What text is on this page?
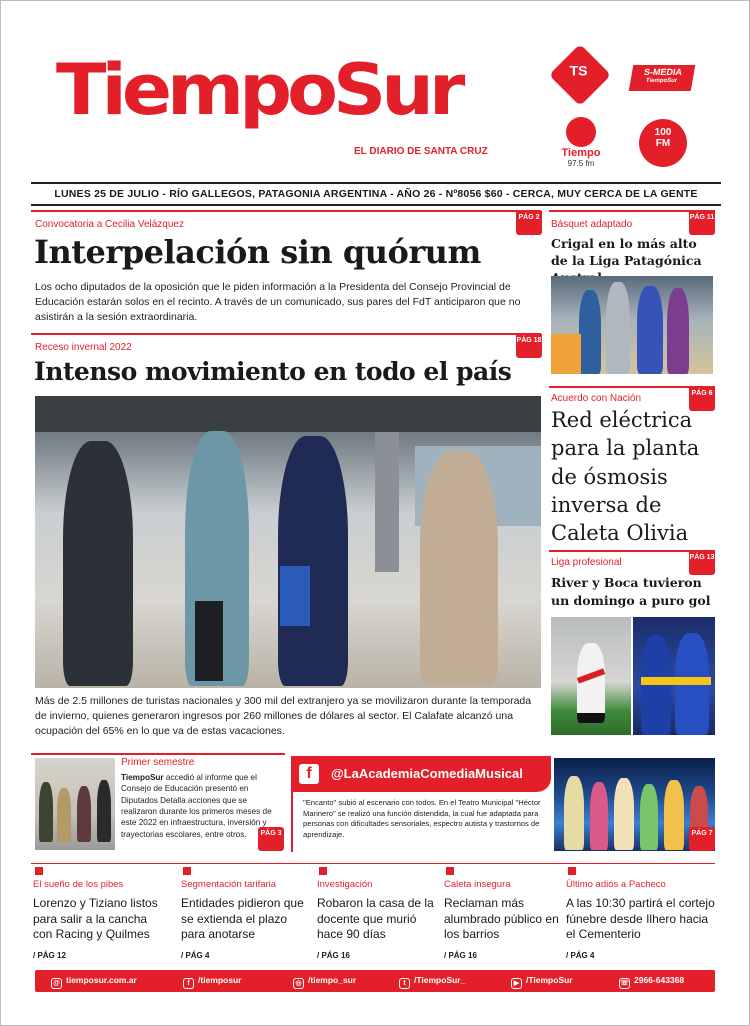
TiempoSur
EL DIARIO DE SANTA CRUZ
TS	S-MEDIA
TiempoSur
Tiempo
97.5 fm
100
FM
LUNES 25 DE JULIO - RÍO GALLEGOS, PATAGONIA ARGENTINA - AÑO 26 - Nº8056 $60 - CERCA, MUY CERCA DE LA GENTE
Convocatoria a Cecilia Velázquez
PÁG 2
Interpelación sin quórum
Los ocho diputados de la oposición que le piden información a la Presidenta del Consejo Provincial de Educación estarán solos en el recinto. A través de un comunicado, sus pares del FdT anticiparon que no asistirán a la sesión extraordinaria.
Receso invernal 2022
PÁG 18
Intenso movimiento en todo el país
Más de 2.5 millones de turistas nacionales y 300 mil del extranjero ya se movilizaron durante la temporada de invierno, quienes generaron ingresos por 260 millones de dólares al sector. El Calafate alcanzó una ocupación del 65% en lo que va de estas vacaciones.
Básquet adaptado
PÁG 11
Crigal en lo más alto de la Liga Patagónica
Acuerdo con Nación	PÁG 6
Red eléctrica para la planta de ósmosis inversa de Caleta Olivia
Liga profesional	PÁG 13
River y Boca tuvieron un domingo a puro gol
Primer semestre
TiempoSur accedió al informe que el Consejo de Educación presentó en Diputados Detalla acciones que se realizaron durante los primeros meses de este 2022 en infraestructura, inversión y trayectorias escolares, entre otros.	PÁG 3
f	@LaAcademiaComediaMusical
"Encanto" subió al escenario con todos. En el Teatro Municipal "Héctor Marinero" se realizó una función distendida, la cual fue adaptada para personas con dificultades sensoriales, espectro autista y trastornos de aprendizaje.	PÁG 7
El sueño de los pibes
Lorenzo y Tiziano listos para salir a la cancha con Racing y Quilmes
/ PÁG 12
Segmentación tarifaria
Entidades pidieron que se extienda el plazo para anotarse
/ PÁG 4
Investigación
Robaron la casa de la docente que murió hace 90 días
/ PÁG 16
Caleta insegura
Reclaman más alumbrado público en los barrios
/ PÁG 16
Último adiós a Pacheco
A las 10:30 partirá el cortejo fúnebre desde Ilhero hacia el Cementerio
/ PÁG 4
@ tiemposur.com.ar	f /tiemposur	◎ /tiempo_sur	t /TiempoSur_	▶ /TiempoSur	☏ 2966-643368
